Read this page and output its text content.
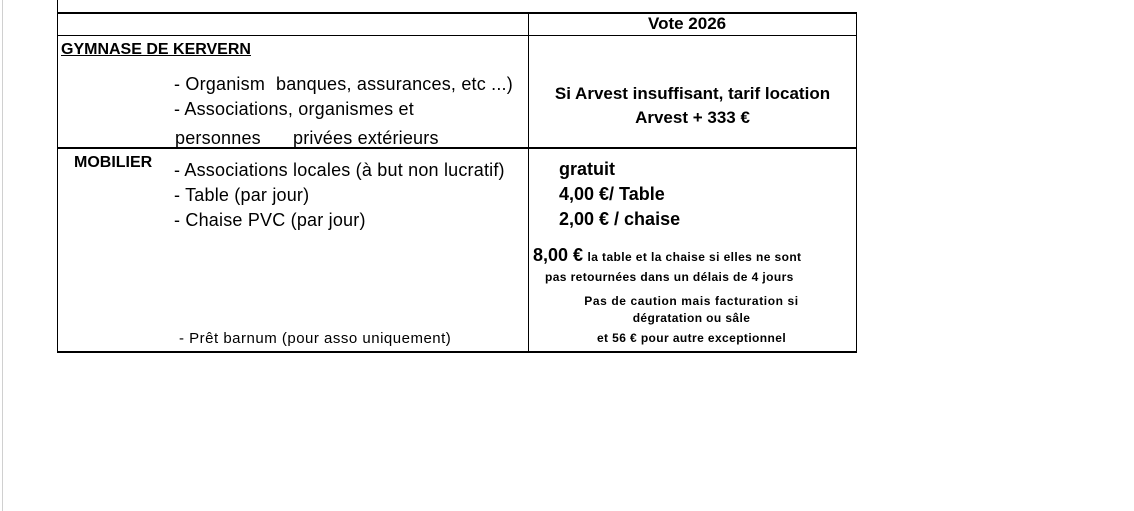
Vote 2026
GYMNASE DE KERVERN
- Organism banques, assurances, etc ...)
- Associations, organismes et
personnes privées extérieurs
Si Arvest insuffisant, tarif location
Arvest + 333 €
MOBILIER - Associations locales (à but non lucratif)
- Table (par jour)
- Chaise PVC (par jour)
gratuit
4,00 €/ Table
2,00 € / chaise
8,00 € la table et la chaise si elles ne sont
pas retournées dans un délais de 4 jours
Pas de caution mais facturation si
dégratation ou sâle
et 56 € pour autre exceptionnel
- Prêt barnum (pour asso uniquement)
